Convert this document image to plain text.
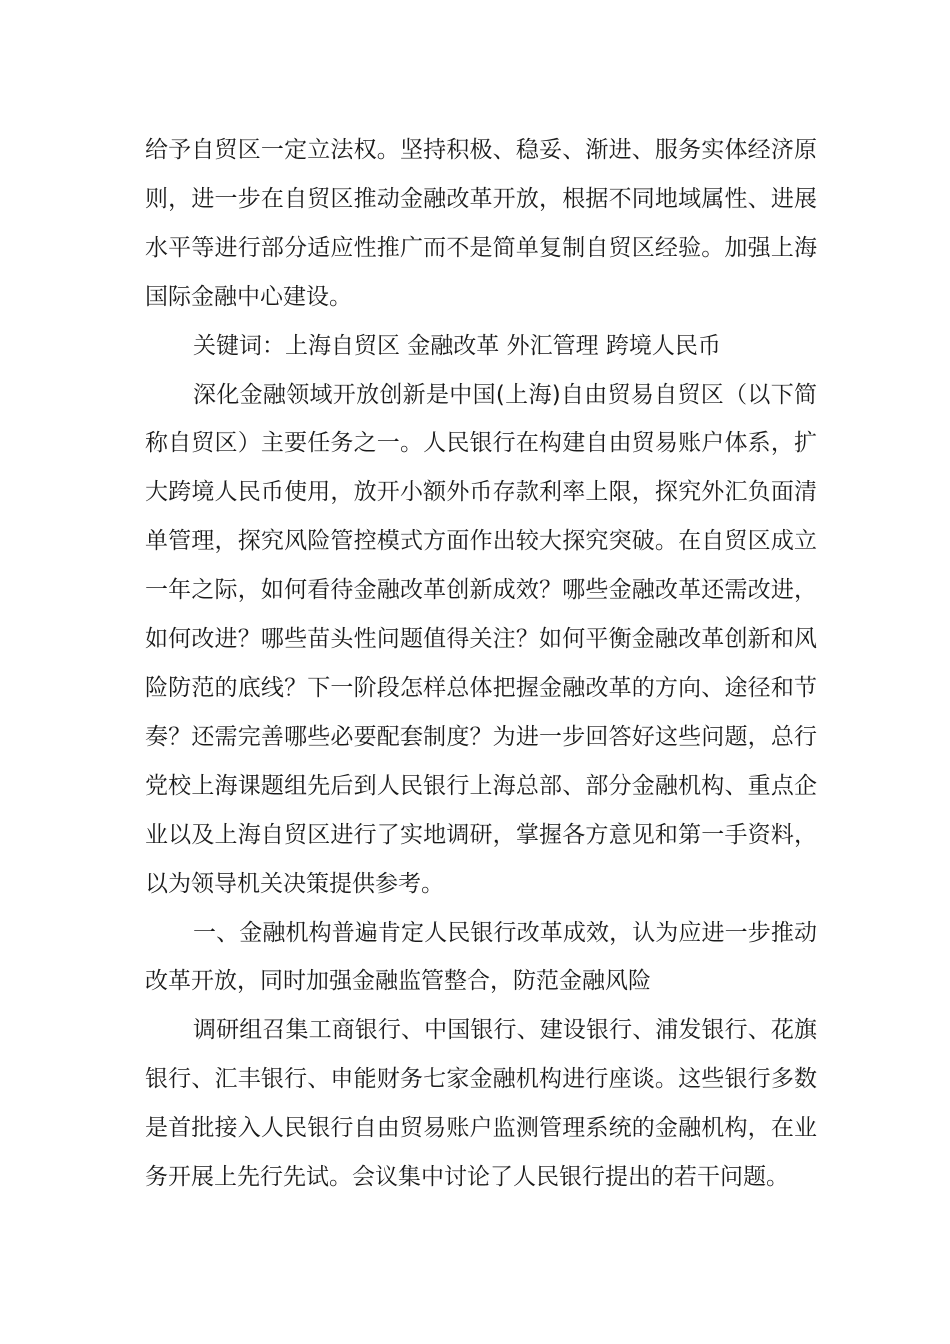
给予自贸区一定立法权。坚持积极、稳妥、渐进、服务实体经济原则，进一步在自贸区推动金融改革开放，根据不同地域属性、进展水平等进行部分适应性推广而不是简单复制自贸区经验。加强上海国际金融中心建设。

关键词：上海自贸区 金融改革 外汇管理 跨境人民币

深化金融领域开放创新是中国(上海)自由贸易自贸区（以下简称自贸区）主要任务之一。人民银行在构建自由贸易账户体系，扩大跨境人民币使用，放开小额外币存款利率上限，探究外汇负面清单管理，探究风险管控模式方面作出较大探究突破。在自贸区成立一年之际，如何看待金融改革创新成效？哪些金融改革还需改进，如何改进？哪些苗头性问题值得关注？如何平衡金融改革创新和风险防范的底线？下一阶段怎样总体把握金融改革的方向、途径和节奏？还需完善哪些必要配套制度？为进一步回答好这些问题，总行党校上海课题组先后到人民银行上海总部、部分金融机构、重点企业以及上海自贸区进行了实地调研，掌握各方意见和第一手资料，以为领导机关决策提供参考。

一、金融机构普遍肯定人民银行改革成效，认为应进一步推动改革开放，同时加强金融监管整合，防范金融风险

调研组召集工商银行、中国银行、建设银行、浦发银行、花旗银行、汇丰银行、申能财务七家金融机构进行座谈。这些银行多数是首批接入人民银行自由贸易账户监测管理系统的金融机构，在业务开展上先行先试。会议集中讨论了人民银行提出的若干问题。
